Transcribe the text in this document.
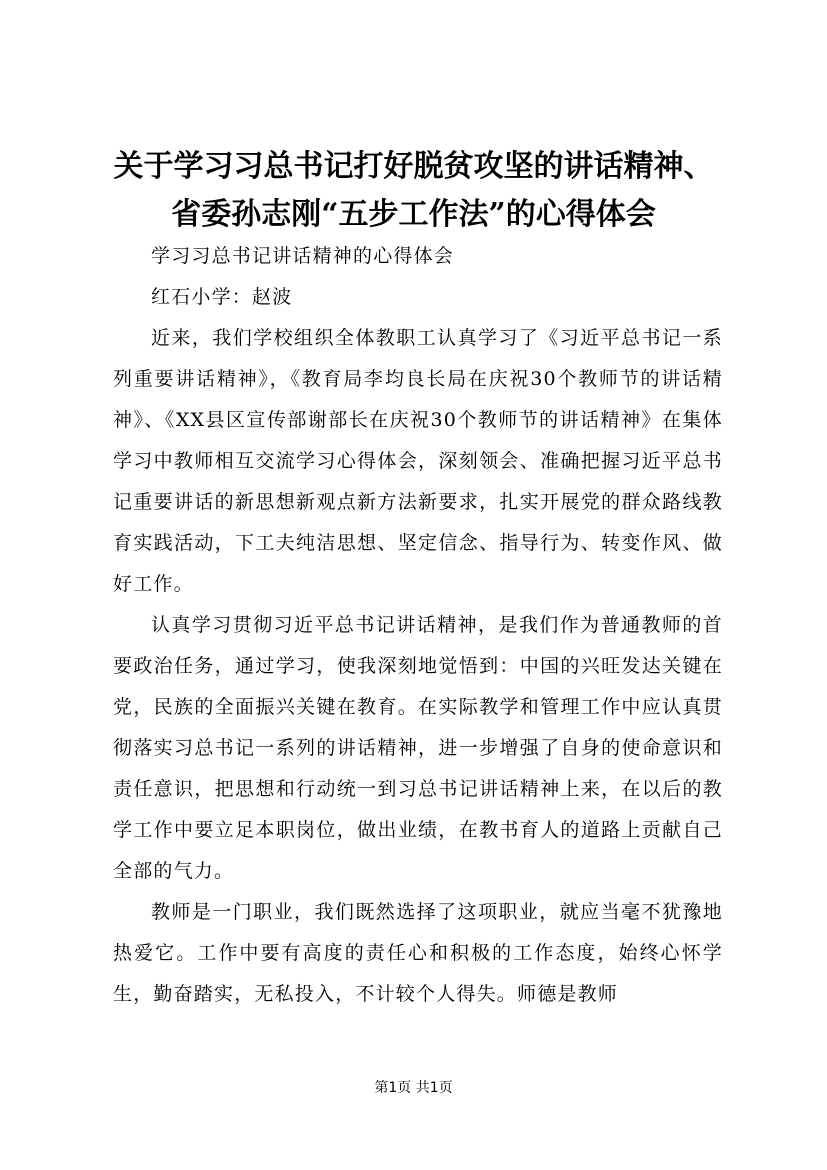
关于学习习总书记打好脱贫攻坚的讲话精神、
省委孙志刚“五步工作法”的心得体会

学习习总书记讲话精神的心得体会

红石小学：赵波

近来，我们学校组织全体教职工认真学习了《习近平总书记一系列重要讲话精神》，《教育局李均良长局在庆祝30个教师节的讲话精神》、《XX县区宣传部谢部长在庆祝30个教师节的讲话精神》在集体学习中教师相互交流学习心得体会，深刻领会、准确把握习近平总书记重要讲话的新思想新观点新方法新要求，扎实开展党的群众路线教育实践活动，下工夫纯洁思想、坚定信念、指导行为、转变作风、做好工作。

认真学习贯彻习近平总书记讲话精神，是我们作为普通教师的首要政治任务，通过学习，使我深刻地觉悟到：中国的兴旺发达关键在党，民族的全面振兴关键在教育。在实际教学和管理工作中应认真贯彻落实习总书记一系列的讲话精神，进一步增强了自身的使命意识和责任意识，把思想和行动统一到习总书记讲话精神上来，在以后的教学工作中要立足本职岗位，做出业绩，在教书育人的道路上贡献自己全部的气力。

教师是一门职业，我们既然选择了这项职业，就应当毫不犹豫地热爱它。工作中要有高度的责任心和积极的工作态度，始终心怀学生，勤奋踏实，无私投入，不计较个人得失。师德是教师

第1页 共1页
